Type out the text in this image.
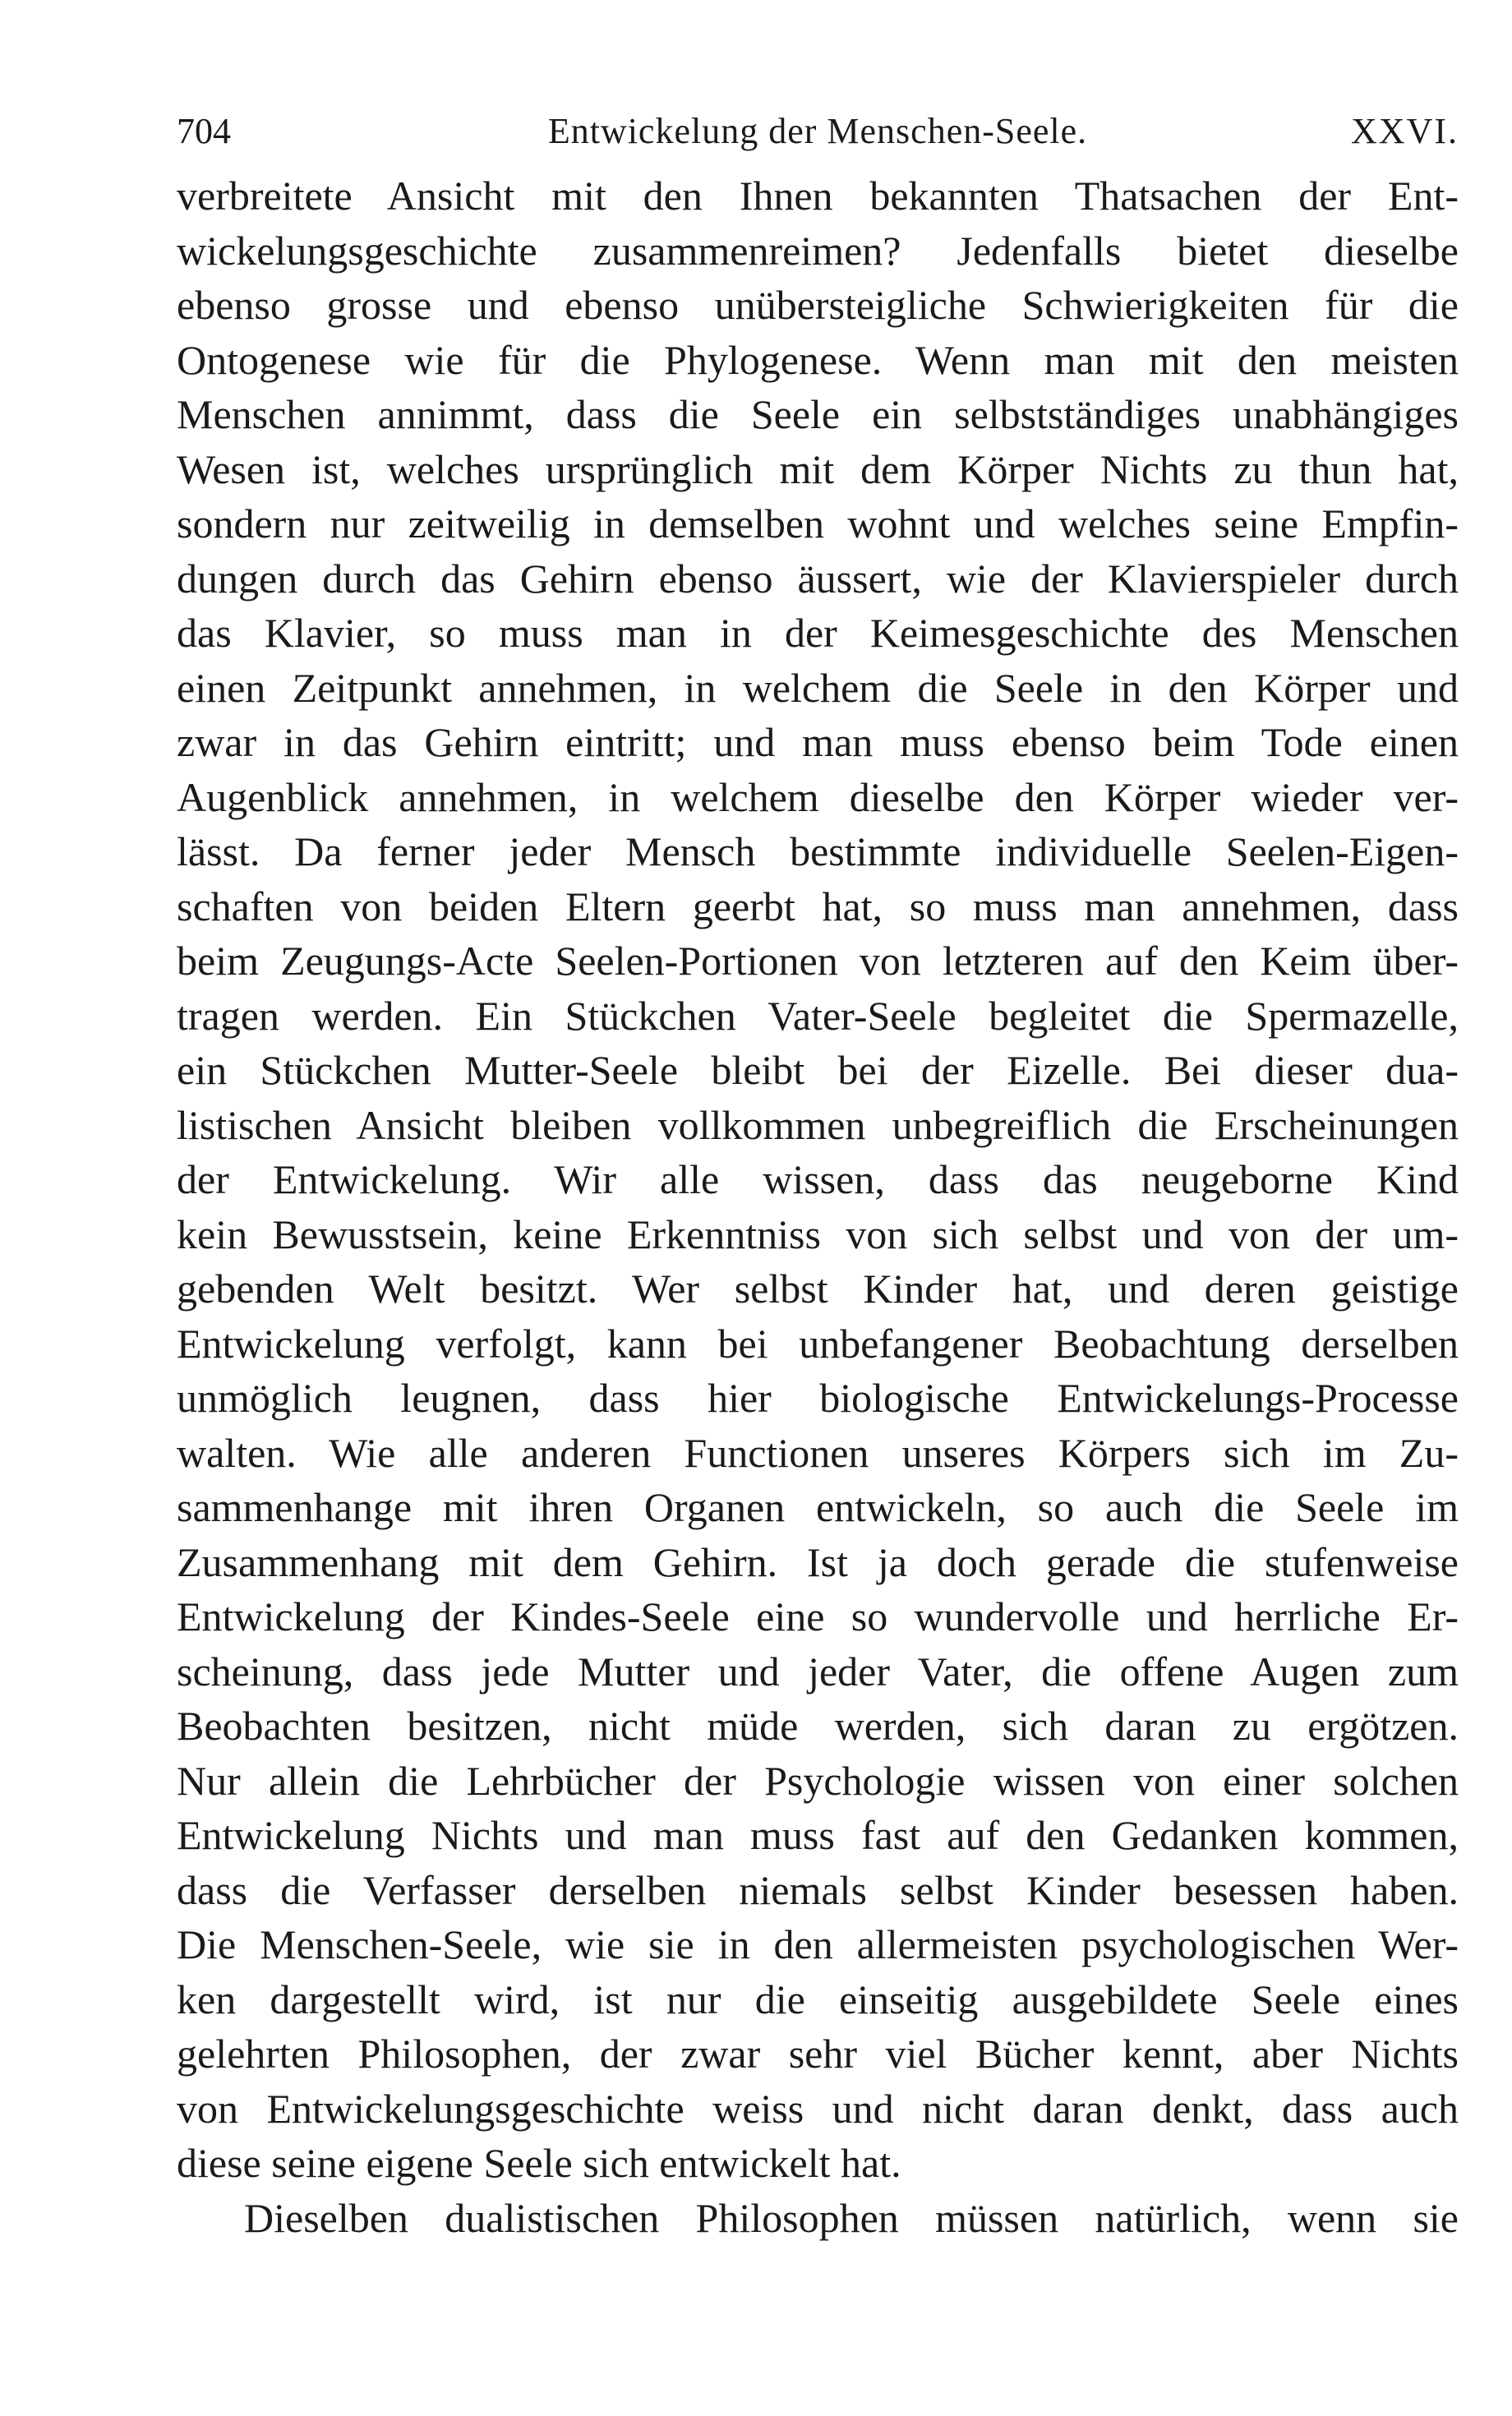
704	Entwickelung der Menschen-Seele.	XXVI.
verbreitete Ansicht mit den Ihnen bekannten Thatsachen der Ent-
wickelungsgeschichte zusammenreimen? Jedenfalls bietet dieselbe
ebenso grosse und ebenso unübersteigliche Schwierigkeiten für die
Ontogenese wie für die Phylogenese. Wenn man mit den meisten
Menschen annimmt, dass die Seele ein selbstständiges unabhängiges
Wesen ist, welches ursprünglich mit dem Körper Nichts zu thun hat,
sondern nur zeitweilig in demselben wohnt und welches seine Empfin-
dungen durch das Gehirn ebenso äussert, wie der Klavierspieler durch
das Klavier, so muss man in der Keimesgeschichte des Menschen
einen Zeitpunkt annehmen, in welchem die Seele in den Körper und
zwar in das Gehirn eintritt; und man muss ebenso beim Tode einen
Augenblick annehmen, in welchem dieselbe den Körper wieder ver-
lässt. Da ferner jeder Mensch bestimmte individuelle Seelen-Eigen-
schaften von beiden Eltern geerbt hat, so muss man annehmen, dass
beim Zeugungs-Acte Seelen-Portionen von letzteren auf den Keim über-
tragen werden. Ein Stückchen Vater-Seele begleitet die Spermazelle,
ein Stückchen Mutter-Seele bleibt bei der Eizelle. Bei dieser dua-
listischen Ansicht bleiben vollkommen unbegreiflich die Erscheinungen
der Entwickelung. Wir alle wissen, dass das neugeborne Kind
kein Bewusstsein, keine Erkenntniss von sich selbst und von der um-
gebenden Welt besitzt. Wer selbst Kinder hat, und deren geistige
Entwickelung verfolgt, kann bei unbefangener Beobachtung derselben
unmöglich leugnen, dass hier biologische Entwickelungs-Processe
walten. Wie alle anderen Functionen unseres Körpers sich im Zu-
sammenhange mit ihren Organen entwickeln, so auch die Seele im
Zusammenhang mit dem Gehirn. Ist ja doch gerade die stufenweise
Entwickelung der Kindes-Seele eine so wundervolle und herrliche Er-
scheinung, dass jede Mutter und jeder Vater, die offene Augen zum
Beobachten besitzen, nicht müde werden, sich daran zu ergötzen.
Nur allein die Lehrbücher der Psychologie wissen von einer solchen
Entwickelung Nichts und man muss fast auf den Gedanken kommen,
dass die Verfasser derselben niemals selbst Kinder besessen haben.
Die Menschen-Seele, wie sie in den allermeisten psychologischen Wer-
ken dargestellt wird, ist nur die einseitig ausgebildete Seele eines
gelehrten Philosophen, der zwar sehr viel Bücher kennt, aber Nichts
von Entwickelungsgeschichte weiss und nicht daran denkt, dass auch
diese seine eigene Seele sich entwickelt hat.
Dieselben dualistischen Philosophen müssen natürlich, wenn sie
